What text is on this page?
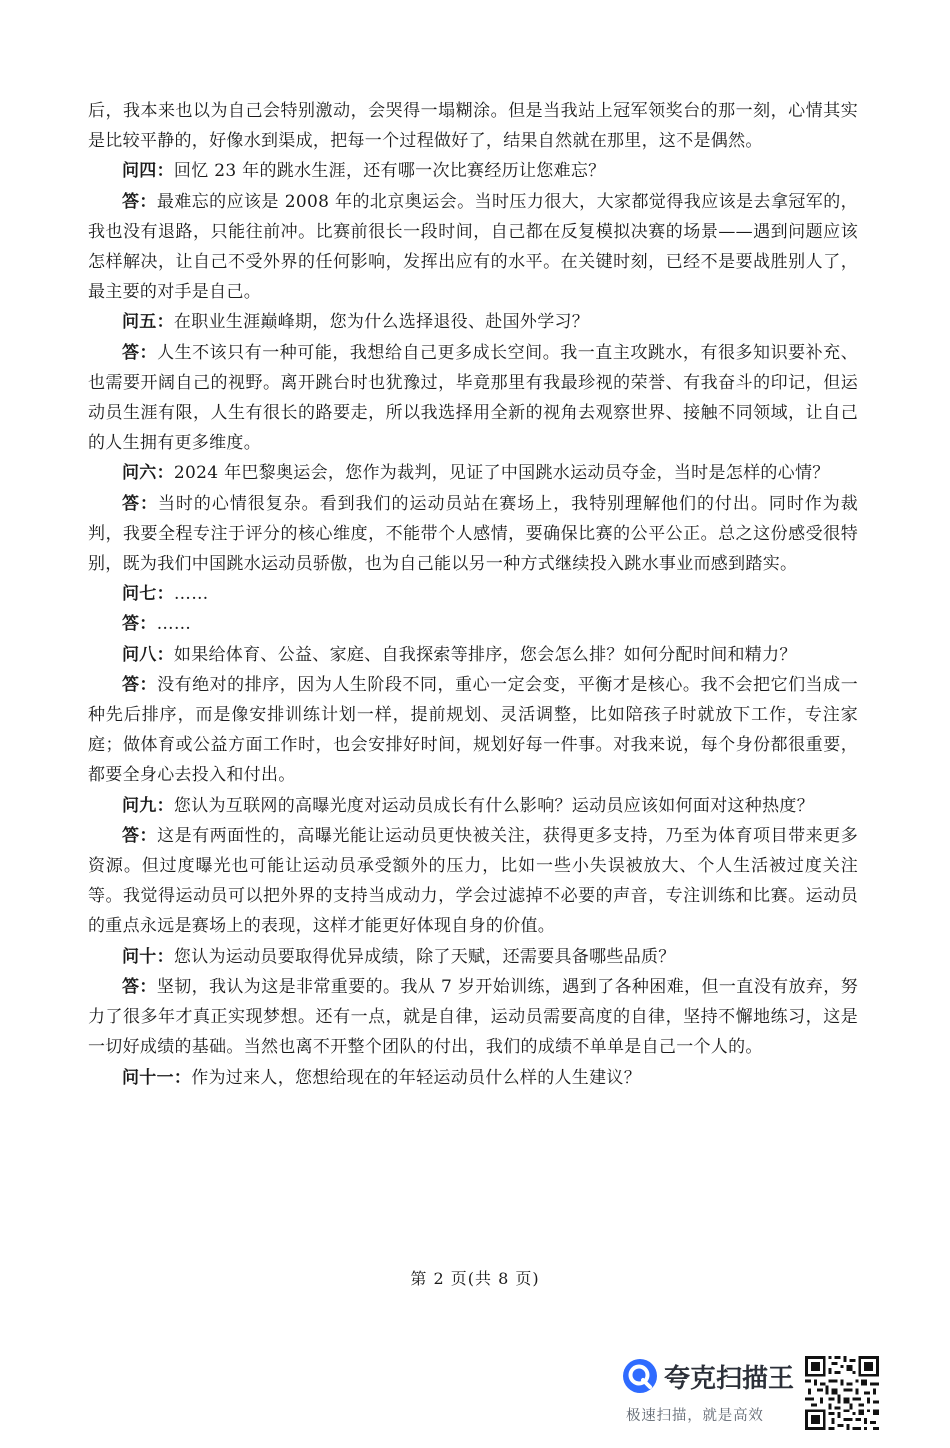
后，我本来也以为自己会特别激动，会哭得一塌糊涂。但是当我站上冠军领奖台的那一刻，心情其实是比较平静的，好像水到渠成，把每一个过程做好了，结果自然就在那里，这不是偶然。

问四：回忆 23 年的跳水生涯，还有哪一次比赛经历让您难忘？

答：最难忘的应该是 2008 年的北京奥运会。当时压力很大，大家都觉得我应该是去拿冠军的，我也没有退路，只能往前冲。比赛前很长一段时间，自己都在反复模拟决赛的场景——遇到问题应该怎样解决，让自己不受外界的任何影响，发挥出应有的水平。在关键时刻，已经不是要战胜别人了，最主要的对手是自己。

问五：在职业生涯巅峰期，您为什么选择退役、赴国外学习？

答：人生不该只有一种可能，我想给自己更多成长空间。我一直主攻跳水，有很多知识要补充、也需要开阔自己的视野。离开跳台时也犹豫过，毕竟那里有我最珍视的荣誉、有我奋斗的印记，但运动员生涯有限，人生有很长的路要走，所以我选择用全新的视角去观察世界、接触不同领域，让自己的人生拥有更多维度。

问六：2024 年巴黎奥运会，您作为裁判，见证了中国跳水运动员夺金，当时是怎样的心情？

答：当时的心情很复杂。看到我们的运动员站在赛场上，我特别理解他们的付出。同时作为裁判，我要全程专注于评分的核心维度，不能带个人感情，要确保比赛的公平公正。总之这份感受很特别，既为我们中国跳水运动员骄傲，也为自己能以另一种方式继续投入跳水事业而感到踏实。

问七：……

答：……

问八：如果给体育、公益、家庭、自我探索等排序，您会怎么排？如何分配时间和精力？

答：没有绝对的排序，因为人生阶段不同，重心一定会变，平衡才是核心。我不会把它们当成一种先后排序，而是像安排训练计划一样，提前规划、灵活调整，比如陪孩子时就放下工作，专注家庭；做体育或公益方面工作时，也会安排好时间，规划好每一件事。对我来说，每个身份都很重要，都要全身心去投入和付出。

问九：您认为互联网的高曝光度对运动员成长有什么影响？运动员应该如何面对这种热度？

答：这是有两面性的，高曝光能让运动员更快被关注，获得更多支持，乃至为体育项目带来更多资源。但过度曝光也可能让运动员承受额外的压力，比如一些小失误被放大、个人生活被过度关注等。我觉得运动员可以把外界的支持当成动力，学会过滤掉不必要的声音，专注训练和比赛。运动员的重点永远是赛场上的表现，这样才能更好体现自身的价值。

问十：您认为运动员要取得优异成绩，除了天赋，还需要具备哪些品质？

答：坚韧，我认为这是非常重要的。我从 7 岁开始训练，遇到了各种困难，但一直没有放弃，努力了很多年才真正实现梦想。还有一点，就是自律，运动员需要高度的自律，坚持不懈地练习，这是一切好成绩的基础。当然也离不开整个团队的付出，我们的成绩不单单是自己一个人的。

问十一：作为过来人，您想给现在的年轻运动员什么样的人生建议？

第 2 页(共 8 页)
夸克扫描王
极速扫描，就是高效
